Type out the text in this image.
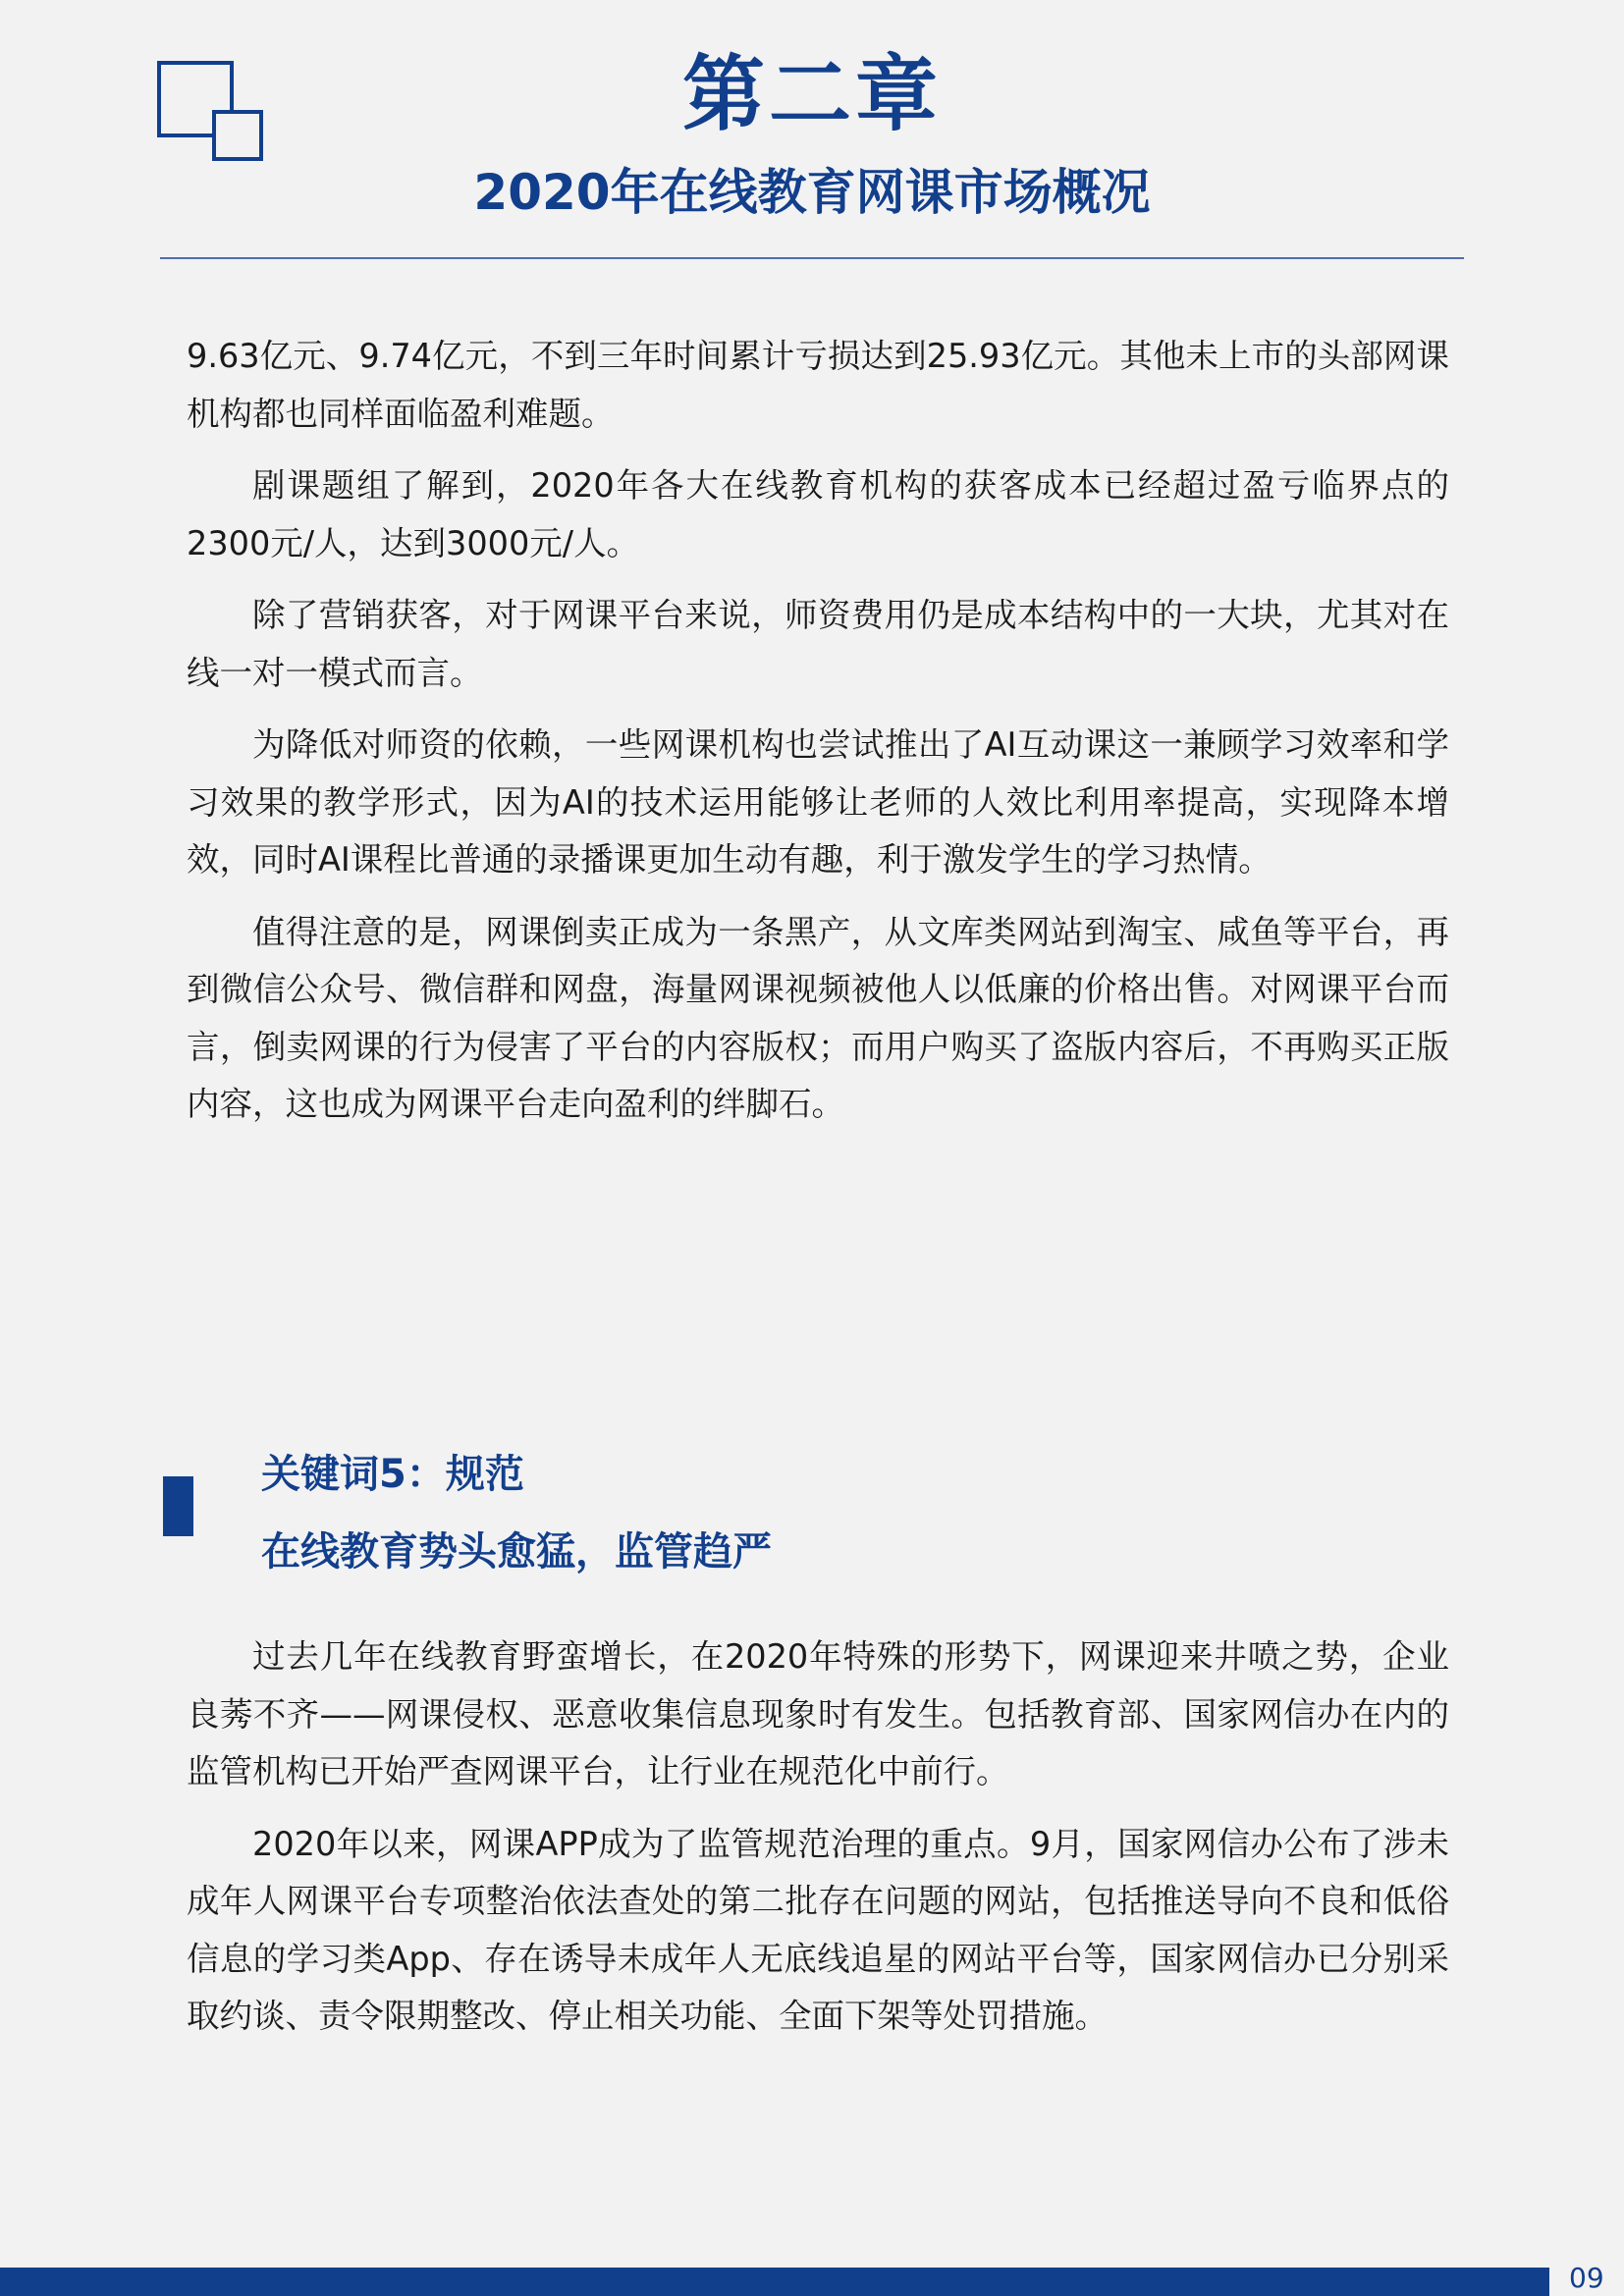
第二章
2020年在线教育网课市场概况

9.63亿元、9.74亿元，不到三年时间累计亏损达到25.93亿元。其他未上市的头部网课机构都也同样面临盈利难题。

剧课题组了解到，2020年各大在线教育机构的获客成本已经超过盈亏临界点的2300元/人，达到3000元/人。

除了营销获客，对于网课平台来说，师资费用仍是成本结构中的一大块，尤其对在线一对一模式而言。

为降低对师资的依赖，一些网课机构也尝试推出了AI互动课这一兼顾学习效率和学习效果的教学形式，因为AI的技术运用能够让老师的人效比利用率提高，实现降本增效，同时AI课程比普通的录播课更加生动有趣，利于激发学生的学习热情。

值得注意的是，网课倒卖正成为一条黑产，从文库类网站到淘宝、咸鱼等平台，再到微信公众号、微信群和网盘，海量网课视频被他人以低廉的价格出售。对网课平台而言，倒卖网课的行为侵害了平台的内容版权；而用户购买了盗版内容后，不再购买正版内容，这也成为网课平台走向盈利的绊脚石。

关键词5：规范
在线教育势头愈猛，监管趋严

过去几年在线教育野蛮增长，在2020年特殊的形势下，网课迎来井喷之势，企业良莠不齐——网课侵权、恶意收集信息现象时有发生。包括教育部、国家网信办在内的监管机构已开始严查网课平台，让行业在规范化中前行。

2020年以来，网课APP成为了监管规范治理的重点。9月，国家网信办公布了涉未成年人网课平台专项整治依法查处的第二批存在问题的网站，包括推送导向不良和低俗信息的学习类App、存在诱导未成年人无底线追星的网站平台等，国家网信办已分别采取约谈、责令限期整改、停止相关功能、全面下架等处罚措施。

09
